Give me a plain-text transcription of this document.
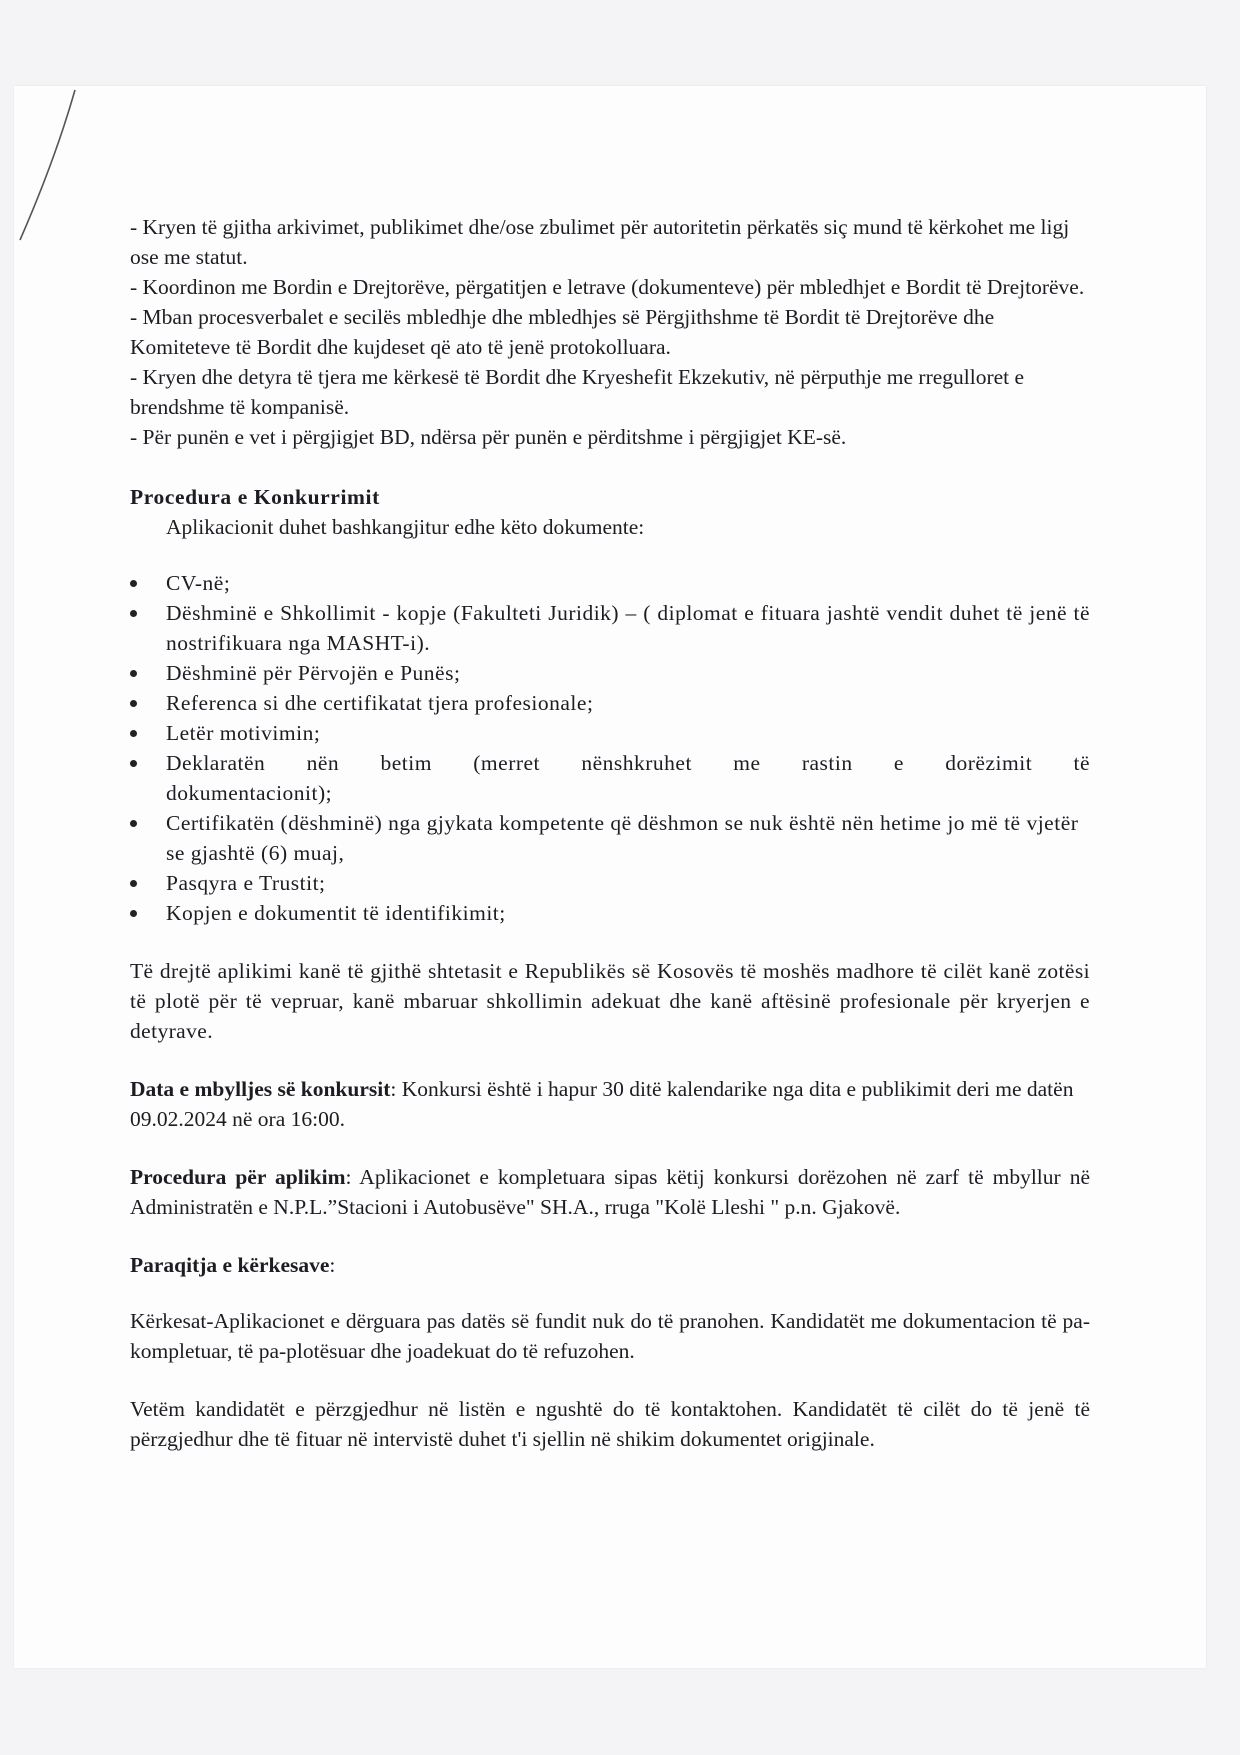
- Kryen të gjitha arkivimet, publikimet dhe/ose zbulimet për autoritetin përkatës siç mund të kërkohet me ligj ose me statut.

- Koordinon me Bordin e Drejtorëve, përgatitjen e letrave (dokumenteve) për mbledhjet e Bordit të Drejtorëve.

- Mban procesverbalet e secilës mbledhje dhe mbledhjes së Përgjithshme të Bordit të Drejtorëve dhe Komiteteve të Bordit dhe kujdeset që ato të jenë protokolluara.

- Kryen dhe detyra të tjera me kërkesë të Bordit dhe Kryeshefit Ekzekutiv, në përputhje me rregulloret e brendshme të kompanisë.

- Për punën e vet i përgjigjet BD, ndërsa për punën e përditshme i përgjigjet KE-së.

Procedura e Konkurrimit

Aplikacionit duhet bashkangjitur edhe këto dokumente:

CV-në;
Dëshminë e Shkollimit - kopje (Fakulteti Juridik) – ( diplomat e fituara jashtë vendit duhet të jenë të nostrifikuara nga MASHT-i).
Dëshminë për Përvojën e Punës;
Referenca si dhe certifikatat tjera profesionale;
Letër motivimin;
Deklaratën nën betim (merret nënshkruhet me rastin e dorëzimit të dokumentacionit);
Certifikatën (dëshminë) nga gjykata kompetente që dëshmon se nuk është nën hetime jo më të vjetër se gjashtë (6) muaj,
Pasqyra e Trustit;
Kopjen e dokumentit të identifikimit;

Të drejtë aplikimi kanë të gjithë shtetasit e Republikës së Kosovës të moshës madhore të cilët kanë zotësi të plotë për të vepruar, kanë mbaruar shkollimin adekuat dhe kanë aftësinë profesionale për kryerjen e detyrave.

Data e mbylljes së konkursit: Konkursi është i hapur 30 ditë kalendarike nga dita e publikimit deri me datën 09.02.2024 në ora 16:00.

Procedura për aplikim: Aplikacionet e kompletuara sipas këtij konkursi dorëzohen në zarf të mbyllur në Administratën e N.P.L.”Stacioni i Autobusëve" SH.A., rruga "Kolë Lleshi " p.n. Gjakovë.

Paraqitja e kërkesave:

Kërkesat-Aplikacionet e dërguara pas datës së fundit nuk do të pranohen. Kandidatët me dokumentacion të pa-kompletuar, të pa-plotësuar dhe joadekuat do të refuzohen.

Vetëm kandidatët e përzgjedhur në listën e ngushtë do të kontaktohen. Kandidatët të cilët do të jenë të përzgjedhur dhe të fituar në intervistë duhet t'i sjellin në shikim dokumentet origjinale.
